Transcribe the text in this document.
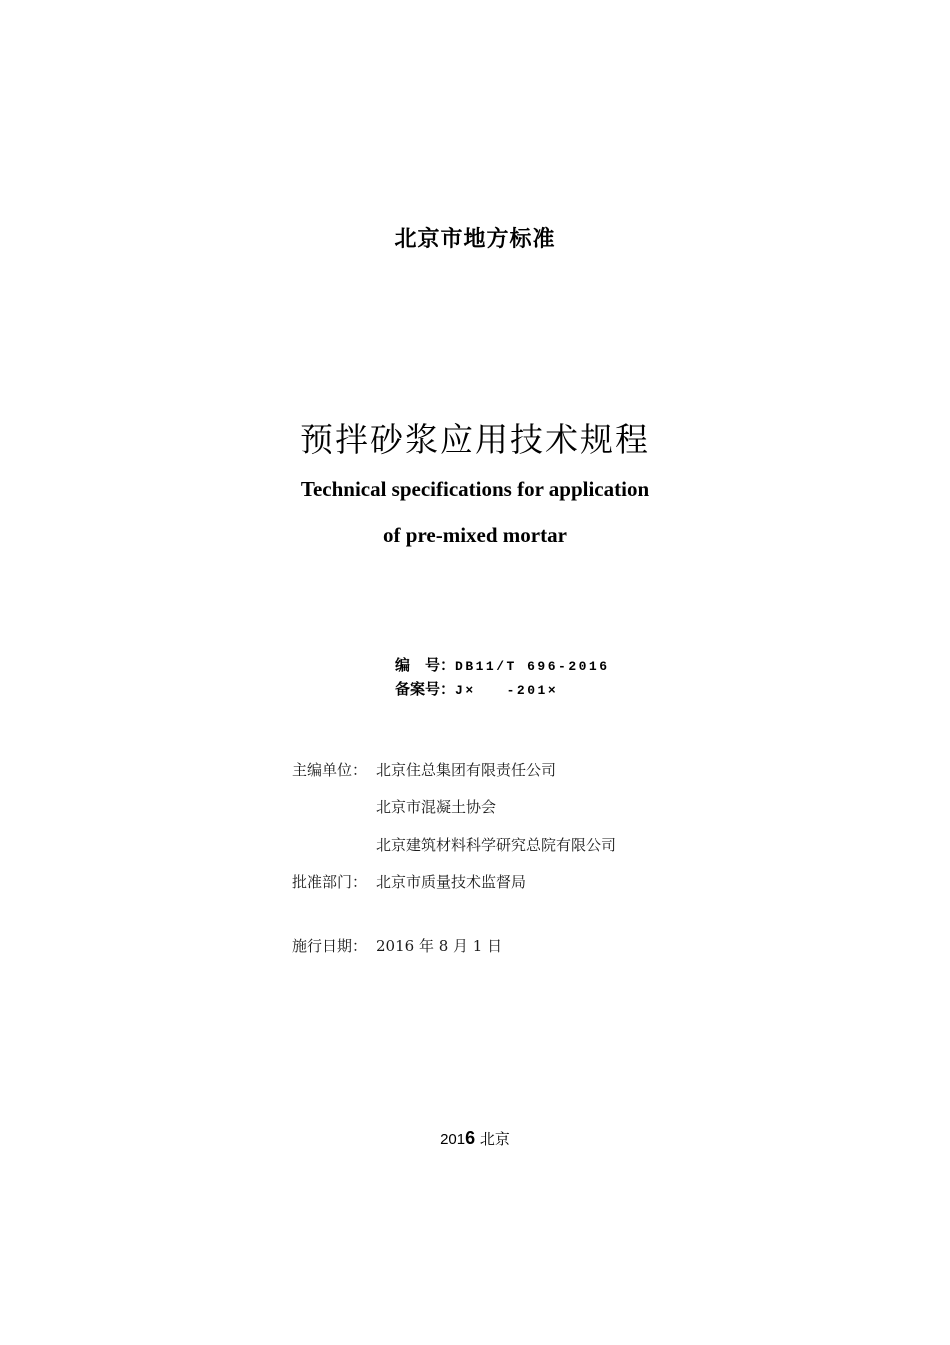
北京市地方标准
预拌砂浆应用技术规程
Technical specifications for application
of pre-mixed mortar
编　号：DB11/T 696-2016
备案号：J×　　-201×
主编单位： 北京住总集团有限责任公司
北京市混凝土协会
北京建筑材料科学研究总院有限公司
批准部门： 北京市质量技术监督局
施行日期： 2016 年 8 月 1 日
2016 北京
